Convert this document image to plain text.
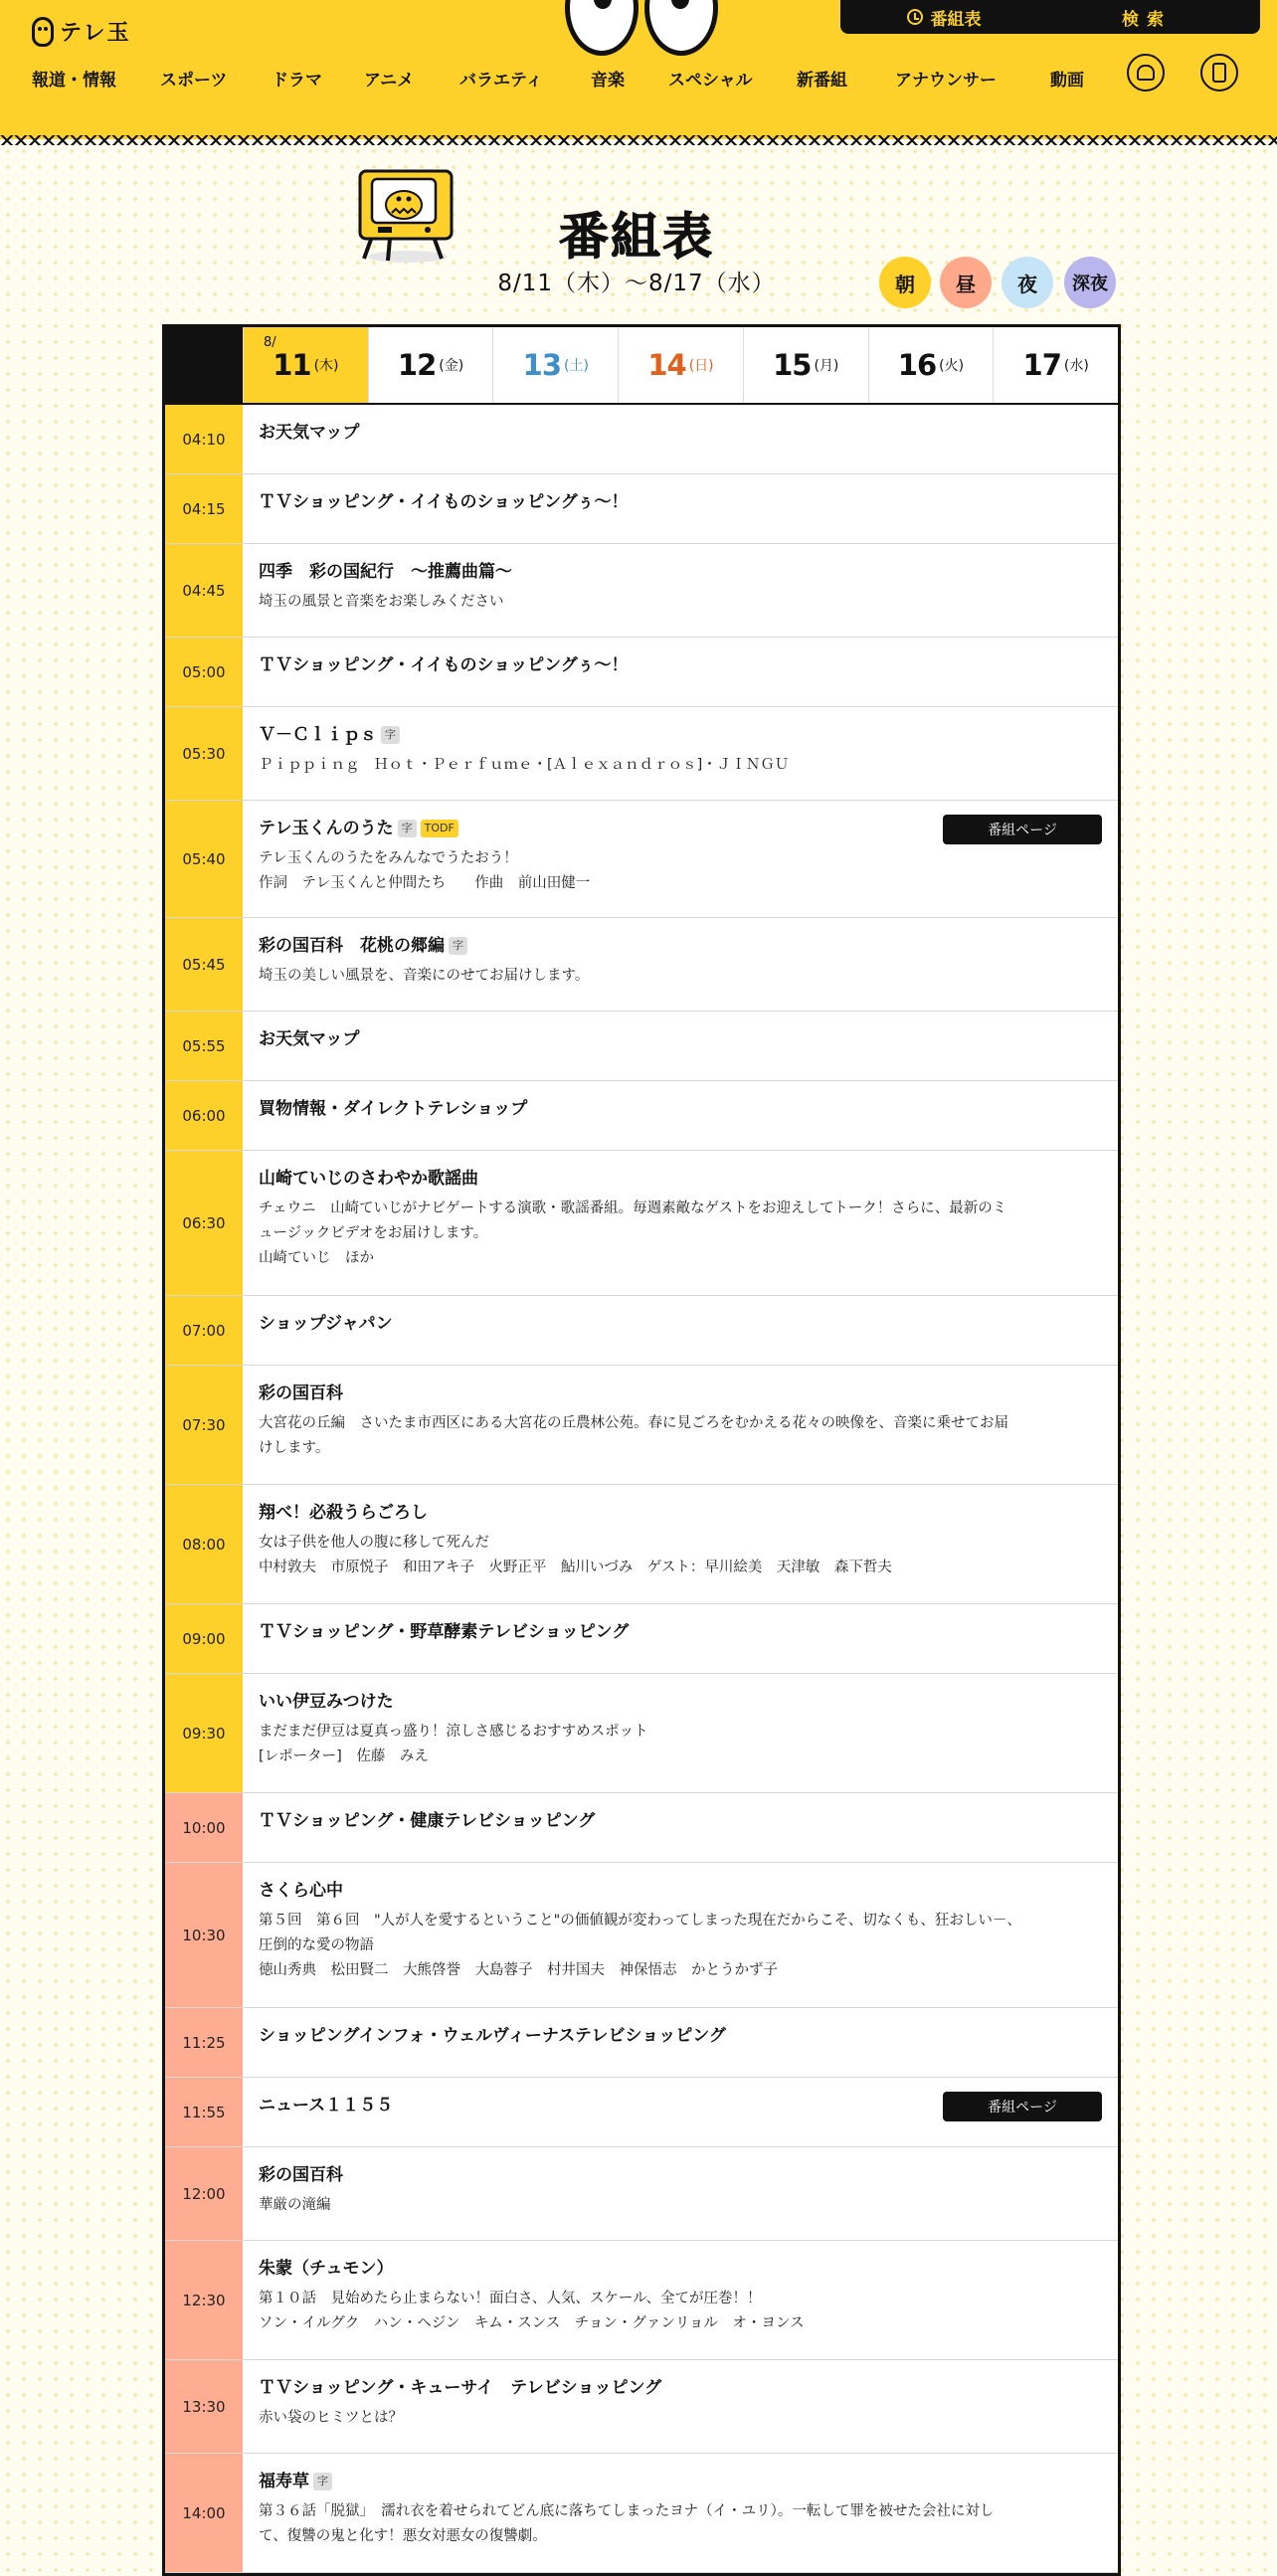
テレ玉
番組表	検索
報道・情報	スポーツ	ドラマ	アニメ	バラエティ	音楽	スペシャル	新番組	アナウンサー	動画
番組表
8/11（木）〜8/17（水）	朝	昼	夜	深夜
8/
11 (木) 12 (金) 13 (土) 14 (日) 15 (月) 16 (火) 17 (水)
04:10	お天気マップ
04:15	ＴＶショッピング・イイものショッピングぅ～！
04:45
四季　彩の国紀行　～推薦曲篇～
埼玉の風景と音楽をお楽しみください
05:00	ＴＶショッピング・イイものショッピングぅ～！
05:30
Ｖ－Ｃｌｉｐｓ 字
Ｐｉｐｐｉｎｇ　Ｈｏｔ・Ｐｅｒｆｕｍｅ・[Ａｌｅｘａｎｄｒｏｓ]・ＪＩＮＧＵ
05:40
テレ玉くんのうた 字	TODF
テレ玉くんのうたをみんなでうたおう！
作詞　テレ玉くんと仲間たち　　作曲　前山田健一
番組ページ
05:45
彩の国百科　花桃の郷編 字
埼玉の美しい風景を、音楽にのせてお届けします。
05:55	お天気マップ
06:00	買物情報・ダイレクトテレショップ
06:30
山崎ていじのさわやか歌謡曲
チェウニ　山崎ていじがナビゲートする演歌・歌謡番組。毎週素敵なゲストをお迎えしてトーク！さらに、最新のミ
ュージックビデオをお届けします。
山崎ていじ　ほか
07:00	ショップジャパン
07:30
彩の国百科
大宮花の丘編　さいたま市西区にある大宮花の丘農林公苑。春に見ごろをむかえる花々の映像を、音楽に乗せてお届
けします。
08:00
翔べ！必殺うらごろし
女は子供を他人の腹に移して死んだ
中村敦夫　市原悦子　和田アキ子　火野正平　鮎川いづみ　ゲスト：早川絵美　天津敏　森下哲夫
09:00	ＴＶショッピング・野草酵素テレビショッピング
09:30
いい伊豆みつけた
まだまだ伊豆は夏真っ盛り！涼しさ感じるおすすめスポット
[レポーター]　佐藤　みえ
10:00	ＴＶショッピング・健康テレビショッピング
10:30
さくら心中
第５回　第６回　"人が人を愛するということ"の価値観が変わってしまった現在だからこそ、切なくも、狂おしい－、
圧倒的な愛の物語
徳山秀典　松田賢二　大熊啓誉　大島蓉子　村井国夫　神保悟志　かとうかず子
11:25	ショッピングインフォ・ウェルヴィーナステレビショッピング
11:55	ニュース１１５５	番組ページ
12:00
彩の国百科
華厳の滝編
12:30
朱蒙（チュモン）
第１０話　見始めたら止まらない！面白さ、人気、スケール、全てが圧巻！！
ソン・イルグク　ハン・ヘジン　キム・スンス　チョン・グァンリョル　オ・ヨンス
13:30
ＴＶショッピング・キューサイ　テレビショッピング
赤い袋のヒミツとは？
14:00
福寿草 字
第３６話「脱獄」　濡れ衣を着せられてどん底に落ちてしまったヨナ（イ・ユリ）。一転して罪を被せた会社に対し
て、復讐の鬼と化す！悪女対悪女の復讐劇。
